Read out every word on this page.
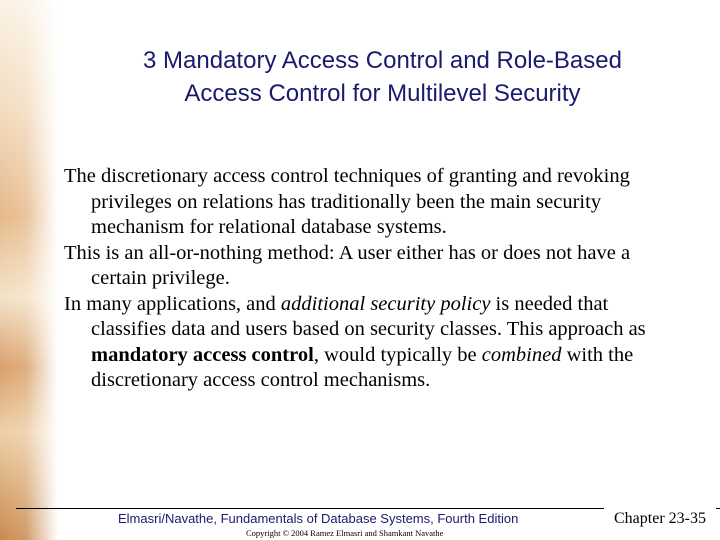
3 Mandatory Access Control and Role-Based Access Control for Multilevel Security

The discretionary access control techniques of granting and revoking privileges on relations has traditionally been the main security mechanism for relational database systems.

This is an all-or-nothing method: A user either has or does not have a certain privilege.

In many applications, and additional security policy is needed that classifies data and users based on security classes. This approach as mandatory access control, would typically be combined with the discretionary access control mechanisms.

Elmasri/Navathe, Fundamentals of Database Systems, Fourth Edition
Copyright © 2004 Ramez Elmasri and Shamkant Navathe
Chapter 23-35
